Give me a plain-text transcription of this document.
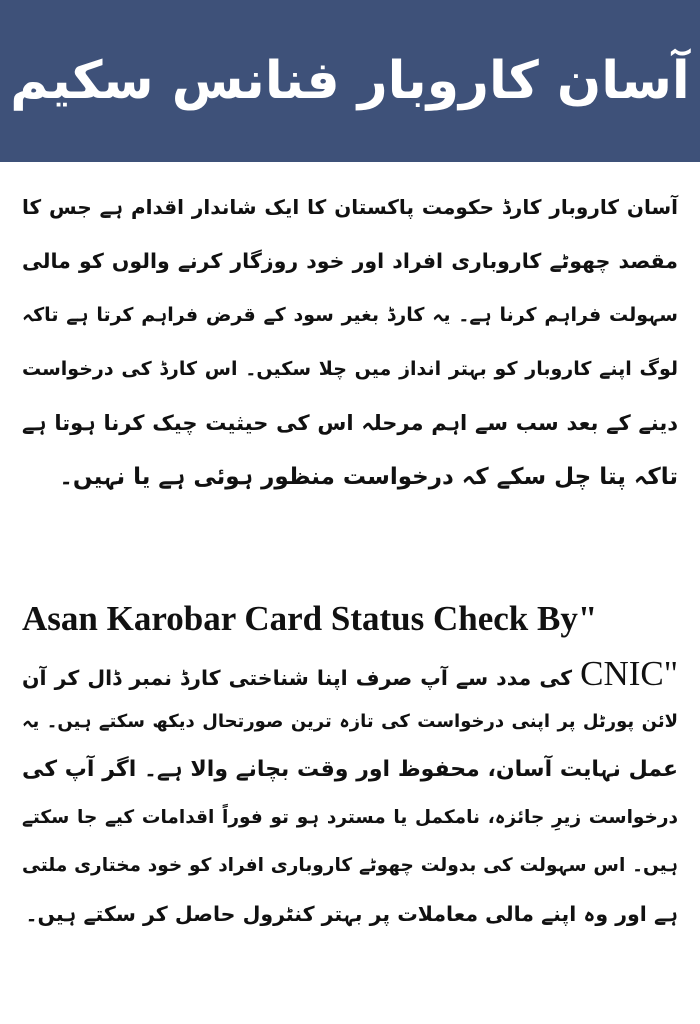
آسان کاروبار فنانس سکیم
آسان کاروبار کارڈ حکومت پاکستان کا ایک شاندار اقدام ہے جس کا
مقصد چھوٹے کاروباری افراد اور خود روزگار کرنے والوں کو مالی
سہولت فراہم کرنا ہے۔ یہ کارڈ بغیر سود کے قرض فراہم کرتا ہے تاکہ
لوگ اپنے کاروبار کو بہتر انداز میں چلا سکیں۔ اس کارڈ کی درخواست
دینے کے بعد سب سے اہم مرحلہ اس کی حیثیت چیک کرنا ہوتا ہے
تاکہ پتا چل سکے کہ درخواست منظور ہوئی ہے یا نہیں۔
Asan Karobar Card Status Check By"
CNIC" کی مدد سے آپ صرف اپنا شناختی کارڈ نمبر ڈال کر آن
لائن پورٹل پر اپنی درخواست کی تازہ ترین صورتحال دیکھ سکتے ہیں۔ یہ
عمل نہایت آسان، محفوظ اور وقت بچانے والا ہے۔ اگر آپ کی
درخواست زیرِ جائزہ، نامکمل یا مسترد ہو تو فوراً اقدامات کیے جا سکتے
ہیں۔ اس سہولت کی بدولت چھوٹے کاروباری افراد کو خود مختاری ملتی
ہے اور وہ اپنے مالی معاملات پر بہتر کنٹرول حاصل کر سکتے ہیں۔
